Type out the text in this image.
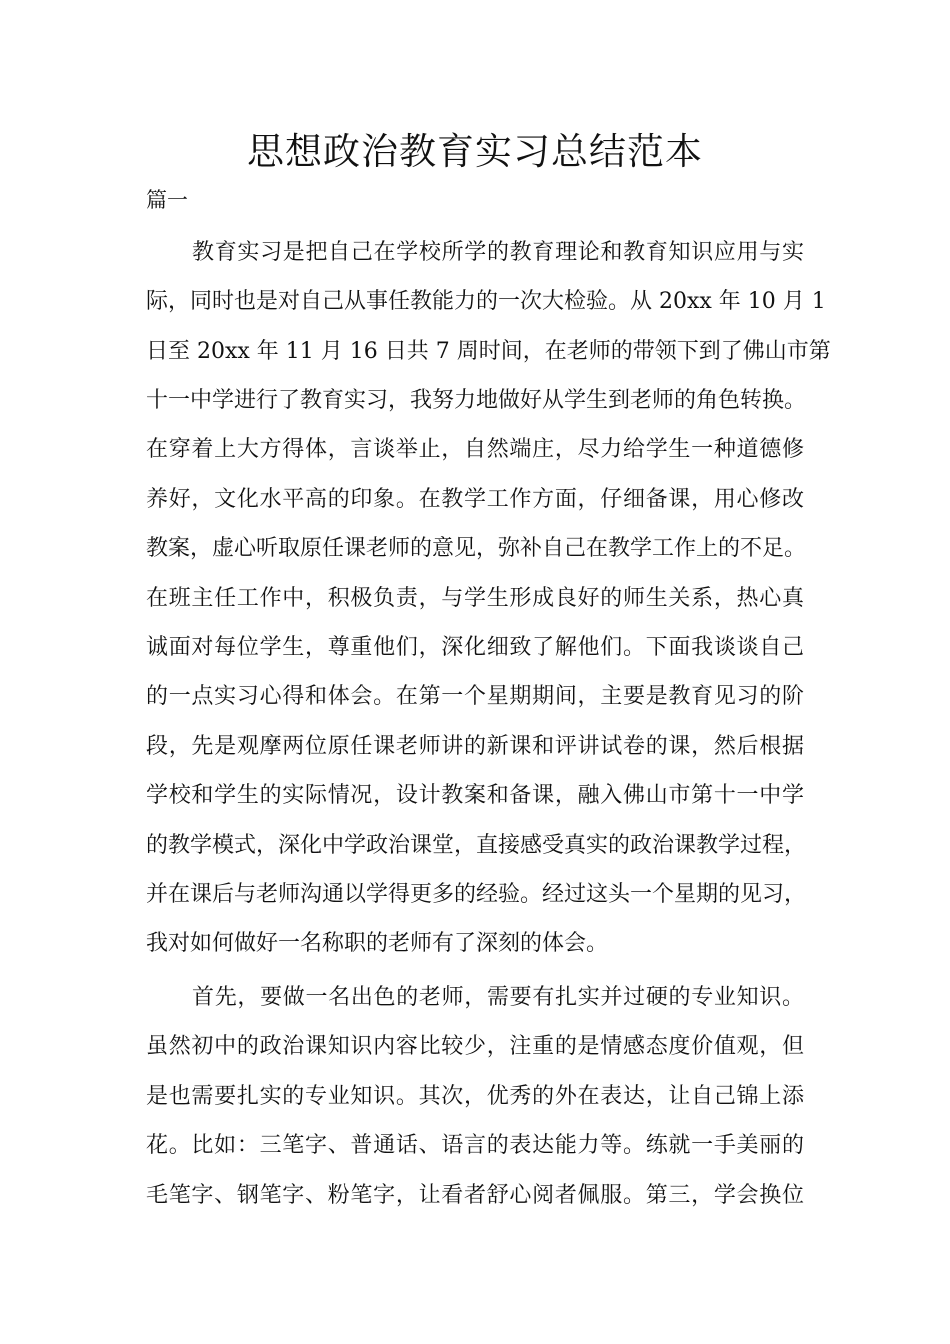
思想政治教育实习总结范本

篇一

教育实习是把自己在学校所学的教育理论和教育知识应用与实

际，同时也是对自己从事任教能力的一次大检验。从 20xx 年 10 月 1

日至 20xx 年 11 月 16 日共 7 周时间，在老师的带领下到了佛山市第

十一中学进行了教育实习，我努力地做好从学生到老师的角色转换。

在穿着上大方得体，言谈举止，自然端庄，尽力给学生一种道德修

养好，文化水平高的印象。在教学工作方面，仔细备课，用心修改

教案，虚心听取原任课老师的意见，弥补自己在教学工作上的不足。

在班主任工作中，积极负责，与学生形成良好的师生关系，热心真

诚面对每位学生，尊重他们，深化细致了解他们。下面我谈谈自己

的一点实习心得和体会。在第一个星期期间，主要是教育见习的阶

段，先是观摩两位原任课老师讲的新课和评讲试卷的课，然后根据

学校和学生的实际情况，设计教案和备课，融入佛山市第十一中学

的教学模式，深化中学政治课堂，直接感受真实的政治课教学过程，

并在课后与老师沟通以学得更多的经验。经过这头一个星期的见习，

我对如何做好一名称职的老师有了深刻的体会。

首先，要做一名出色的老师，需要有扎实并过硬的专业知识。

虽然初中的政治课知识内容比较少，注重的是情感态度价值观，但

是也需要扎实的专业知识。其次，优秀的外在表达，让自己锦上添

花。比如：三笔字、普通话、语言的表达能力等。练就一手美丽的

毛笔字、钢笔字、粉笔字，让看者舒心阅者佩服。第三，学会换位
